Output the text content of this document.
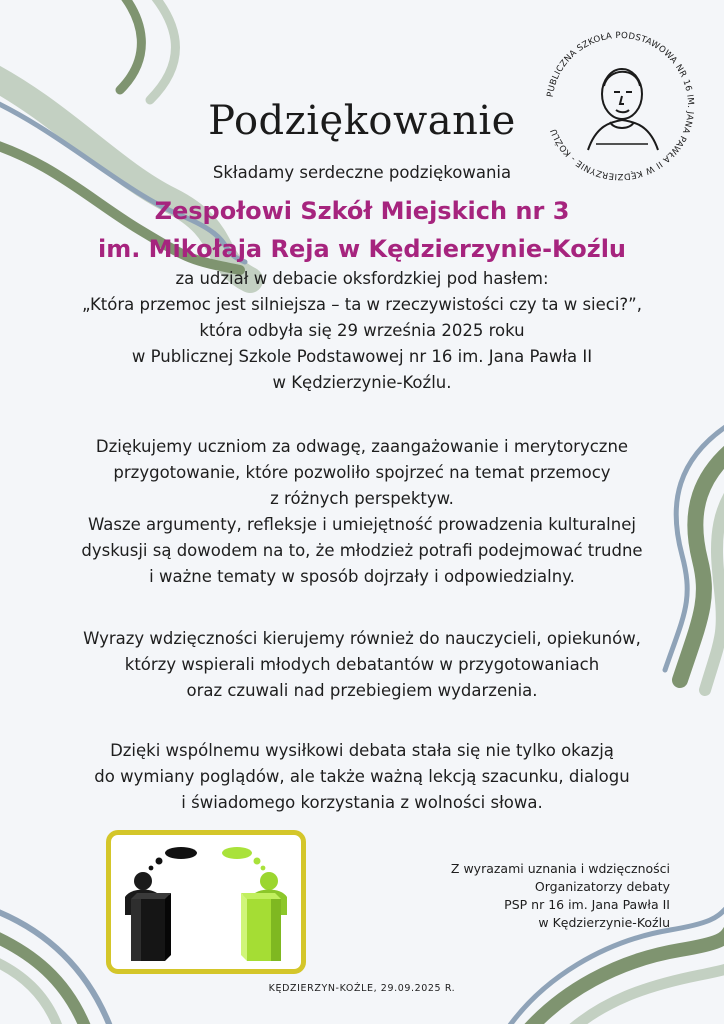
PUBLICZNA SZKOŁA PODSTAWOWA NR 16 IM. JANA PAWŁA II W KĘDZIERZYNIE - KOŹLU
Podziękowanie
Składamy serdeczne podziękowania
Zespołowi Szkół Miejskich nr 3
im. Mikołaja Reja w Kędzierzynie-Koźlu
za udział w debacie oksfordzkiej pod hasłem:
„Która przemoc jest silniejsza – ta w rzeczywistości czy ta w sieci?”,
która odbyła się 29 września 2025 roku
w Publicznej Szkole Podstawowej nr 16 im. Jana Pawła II
w Kędzierzynie-Koźlu.
Dziękujemy uczniom za odwagę, zaangażowanie i merytoryczne
przygotowanie, które pozwoliło spojrzeć na temat przemocy
z różnych perspektyw.
Wasze argumenty, refleksje i umiejętność prowadzenia kulturalnej
dyskusji są dowodem na to, że młodzież potrafi podejmować trudne
i ważne tematy w sposób dojrzały i odpowiedzialny.
Wyrazy wdzięczności kierujemy również do nauczycieli, opiekunów,
którzy wspierali młodych debatantów w przygotowaniach
oraz czuwali nad przebiegiem wydarzenia.
Dzięki wspólnemu wysiłkowi debata stała się nie tylko okazją
do wymiany poglądów, ale także ważną lekcją szacunku, dialogu
i świadomego korzystania z wolności słowa.
Z wyrazami uznania i wdzięczności
Organizatorzy debaty
PSP nr 16 im. Jana Pawła II
w Kędzierzynie-Koźlu
KĘDZIERZYN-KOŹLE, 29.09.2025 R.
